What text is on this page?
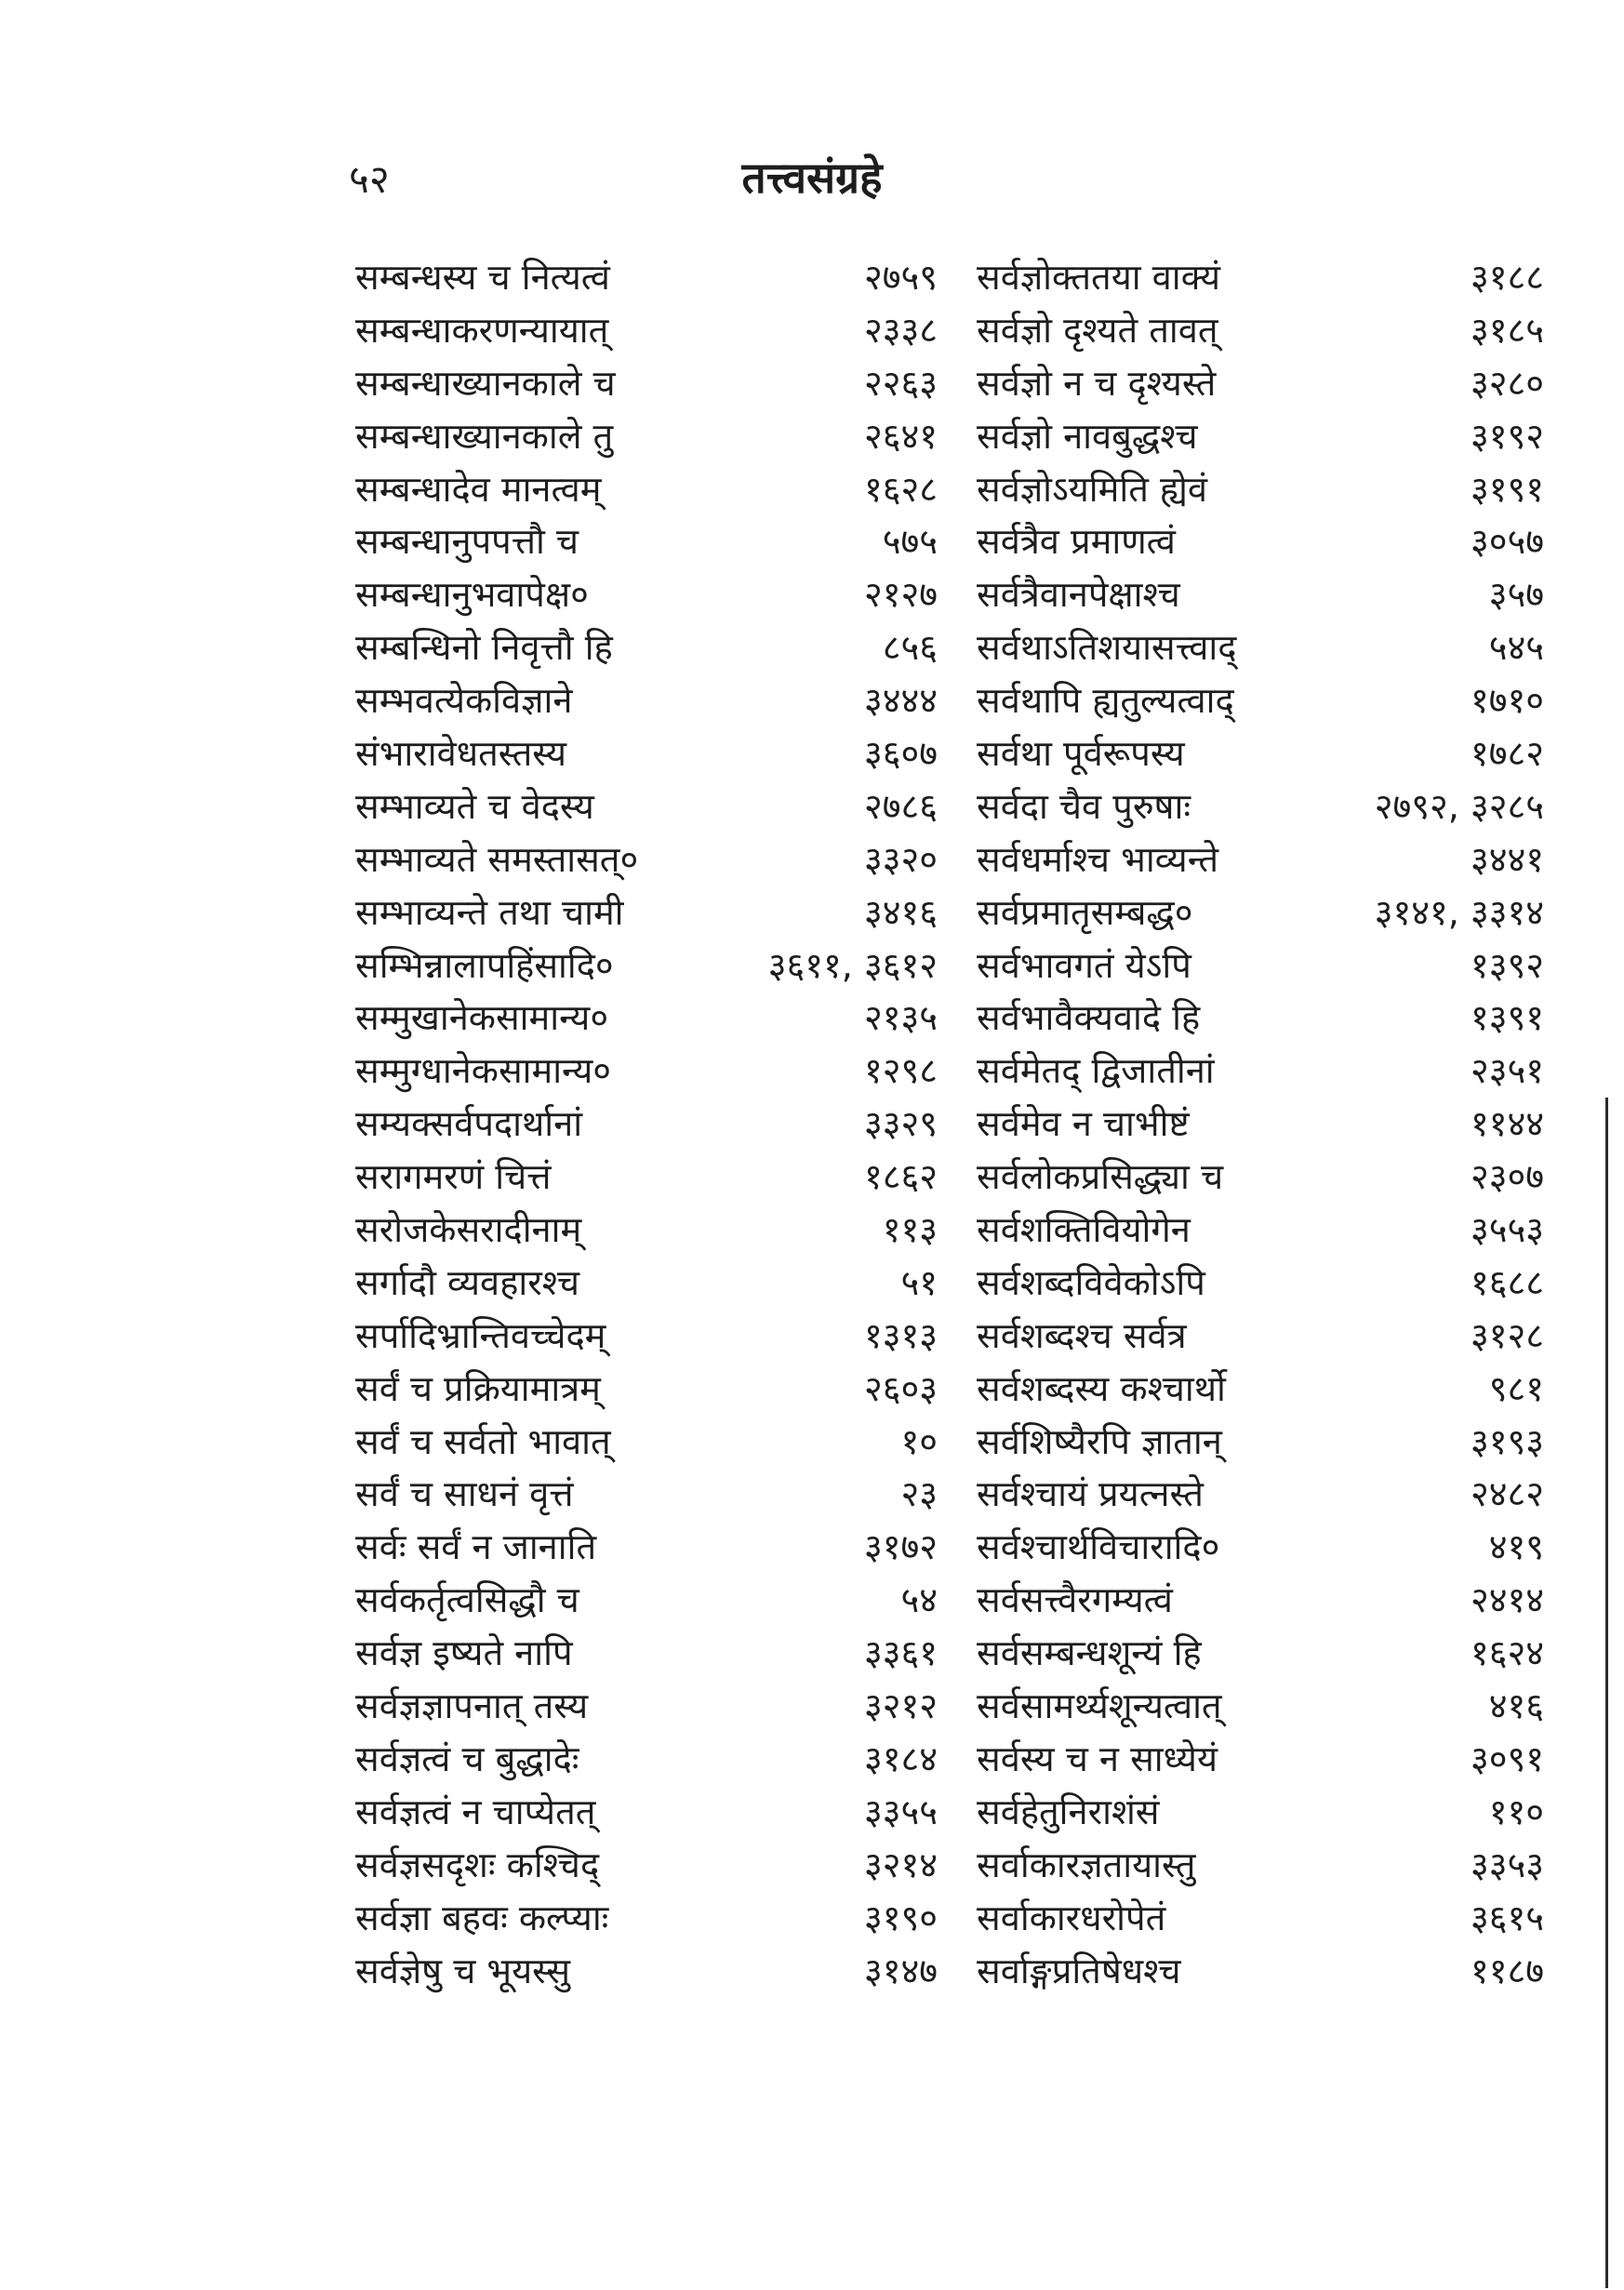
५२	तत्त्वसंग्रहे
सम्बन्धस्य च नित्यत्वं	२७५९
सम्बन्धाकरणन्यायात्	२३३८
सम्बन्धाख्यानकाले च	२२६३
सम्बन्धाख्यानकाले तु	२६४१
सम्बन्धादेव मानत्वम्	१६२८
सम्बन्धानुपपत्तौ च	५७५
सम्बन्धानुभवापेक्ष०	२१२७
सम्बन्धिनो निवृत्तौ हि	८५६
सम्भवत्येकविज्ञाने	३४४४
संभारावेधतस्तस्य	३६०७
सम्भाव्यते च वेदस्य	२७८६
सम्भाव्यते समस्तासत्०	३३२०
सम्भाव्यन्ते तथा चामी	३४१६
सम्भिन्नालापहिंसादि०	३६११, ३६१२
सम्मुखानेकसामान्य०	२१३५
सम्मुग्धानेकसामान्य०	१२९८
सम्यक्सर्वपदार्थानां	३३२९
सरागमरणं चित्तं	१८६२
सरोजकेसरादीनाम्	११३
सर्गादौ व्यवहारश्च	५१
सर्पादिभ्रान्तिवच्चेदम्	१३१३
सर्वं च प्रक्रियामात्रम्	२६०३
सर्वं च सर्वतो भावात्	१०
सर्वं च साधनं वृत्तं	२३
सर्वः सर्वं न जानाति	३१७२
सर्वकर्तृत्वसिद्धौ च	५४
सर्वज्ञ इष्यते नापि	३३६१
सर्वज्ञज्ञापनात् तस्य	३२१२
सर्वज्ञत्वं च बुद्धादेः	३१८४
सर्वज्ञत्वं न चाप्येतत्	३३५५
सर्वज्ञसदृशः कश्चिद्	३२१४
सर्वज्ञा बहवः कल्प्याः	३१९०
सर्वज्ञेषु च भूयस्सु	३१४७
सर्वज्ञोक्ततया वाक्यं	३१८८
सर्वज्ञो दृश्यते तावत्	३१८५
सर्वज्ञो न च दृश्यस्ते	३२८०
सर्वज्ञो नावबुद्धश्च	३१९२
सर्वज्ञोऽयमिति ह्येवं	३१९१
सर्वत्रैव प्रमाणत्वं	३०५७
सर्वत्रैवानपेक्षाश्च	३५७
सर्वथाऽतिशयासत्त्वाद्	५४५
सर्वथापि ह्यतुल्यत्वाद्	१७१०
सर्वथा पूर्वरूपस्य	१७८२
सर्वदा चैव पुरुषाः	२७९२, ३२८५
सर्वधर्माश्च भाव्यन्ते	३४४१
सर्वप्रमातृसम्बद्ध०	३१४१, ३३१४
सर्वभावगतं येऽपि	१३९२
सर्वभावैक्यवादे हि	१३९१
सर्वमेतद् द्विजातीनां	२३५१
सर्वमेव न चाभीष्टं	११४४
सर्वलोकप्रसिद्ध्या च	२३०७
सर्वशक्तिवियोगेन	३५५३
सर्वशब्दविवेकोऽपि	१६८८
सर्वशब्दश्च सर्वत्र	३१२८
सर्वशब्दस्य कश्चार्थो	९८१
सर्वशिष्यैरपि ज्ञातान्	३१९३
सर्वश्चायं प्रयत्नस्ते	२४८२
सर्वश्चार्थविचारादि०	४१९
सर्वसत्त्वैरगम्यत्वं	२४१४
सर्वसम्बन्धशून्यं हि	१६२४
सर्वसामर्थ्यशून्यत्वात्	४१६
सर्वस्य च न साध्येयं	३०९१
सर्वहेतुनिराशंसं	११०
सर्वाकारज्ञतायास्तु	३३५३
सर्वाकारधरोपेतं	३६१५
सर्वाङ्गप्रतिषेधश्च	११८७
